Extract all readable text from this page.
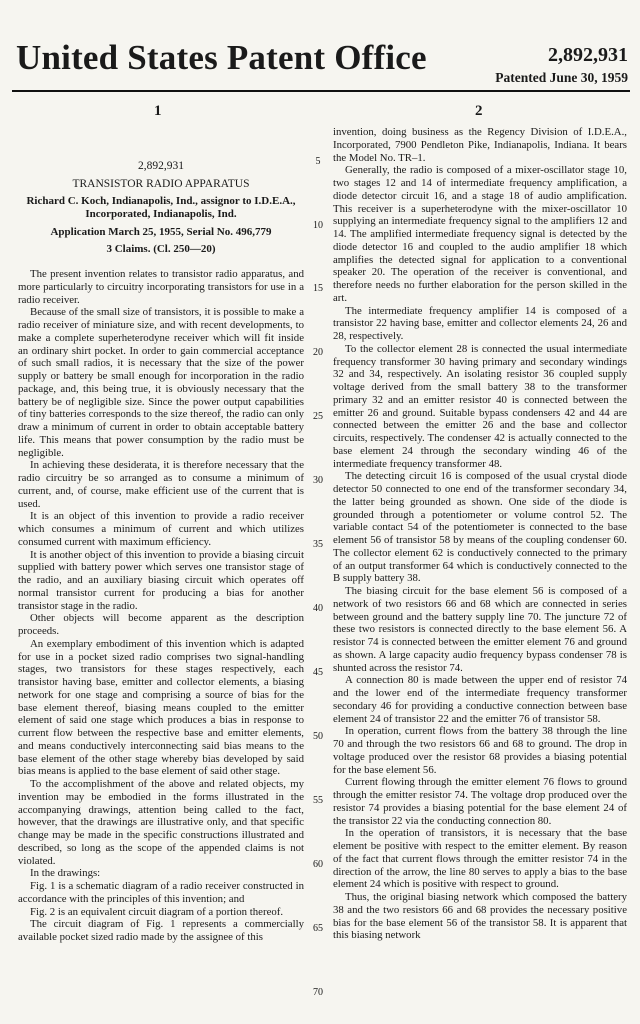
United States Patent Office	2,892,931
Patented June 30, 1959
1	2
2,892,931
TRANSISTOR RADIO APPARATUS
Richard C. Koch, Indianapolis, Ind., assignor to I.D.E.A., Incorporated, Indianapolis, Ind.
Application March 25, 1955, Serial No. 496,779
3 Claims. (Cl. 250—20)

The present invention relates to transistor radio apparatus, and more particularly to circuitry incorporating transistors for use in a radio receiver.

Because of the small size of transistors, it is possible to make a radio receiver of miniature size, and with recent developments, to make a complete superheterodyne receiver which will fit inside an ordinary shirt pocket. In order to gain commercial acceptance of such small radios, it is necessary that the size of the power supply or battery be small enough for incorporation in the radio package, and, this being true, it is obviously necessary that the battery be of negligible size. Since the power output capabilities of tiny batteries corresponds to the size thereof, the radio can only draw a minimum of current in order to obtain acceptable battery life. This means that power consumption by the radio must be negligible.

In achieving these desiderata, it is therefore necessary that the radio circuitry be so arranged as to consume a minimum of current, and, of course, make efficient use of the current that is used.

It is an object of this invention to provide a radio receiver which consumes a minimum of current and which utilizes consumed current with maximum efficiency.

It is another object of this invention to provide a biasing circuit supplied with battery power which serves one transistor stage of the radio, and an auxiliary biasing circuit which operates off normal transistor current for producing a bias for another transistor stage in the radio.

Other objects will become apparent as the description proceeds.

An exemplary embodiment of this invention which is adapted for use in a pocket sized radio comprises two signal-handling stages, two transistors for these stages respectively, each transistor having base, emitter and collector elements, a biasing network for one stage and comprising a source of bias for the base element thereof, biasing means coupled to the emitter element of said one stage which produces a bias in response to current flow between the respective base and emitter elements, and means conductively interconnecting said bias means to the base element of the other stage whereby bias developed by said bias means is applied to the base element of said other stage.

To the accomplishment of the above and related objects, my invention may be embodied in the forms illustrated in the accompanying drawings, attention being called to the fact, however, that the drawings are illustrative only, and that specific change may be made in the specific constructions illustrated and described, so long as the scope of the appended claims is not violated.

In the drawings:

Fig. 1 is a schematic diagram of a radio receiver constructed in accordance with the principles of this invention; and

Fig. 2 is an equivalent circuit diagram of a portion thereof.

The circuit diagram of Fig. 1 represents a commercially available pocket sized radio made by the assignee of this

invention, doing business as the Regency Division of I.D.E.A., Incorporated, 7900 Pendleton Pike, Indianapolis, Indiana. It bears the Model No. TR–1.

Generally, the radio is composed of a mixer-oscillator stage 10, two stages 12 and 14 of intermediate frequency amplification, a diode detector circuit 16, and a stage 18 of audio amplification. This receiver is a superheterodyne with the mixer-oscillator 10 supplying an intermediate frequency signal to the amplifiers 12 and 14. The amplified intermediate frequency signal is detected by the diode detector 16 and coupled to the audio amplifier 18 which amplifies the detected signal for application to a conventional speaker 20. The operation of the receiver is conventional, and therefore needs no further elaboration for the person skilled in the art.

The intermediate frequency amplifier 14 is composed of a transistor 22 having base, emitter and collector elements 24, 26 and 28, respectively.

To the collector element 28 is connected the usual intermediate frequency transformer 30 having primary and secondary windings 32 and 34, respectively. An isolating resistor 36 coupled supply voltage derived from the small battery 38 to the transformer primary 32 and an emitter resistor 40 is connected between the emitter 26 and ground. Suitable bypass condensers 42 and 44 are connected between the emitter 26 and the base and collector circuits, respectively. The condenser 42 is actually connected to the base element 24 through the secondary winding 46 of the intermediate frequency transformer 48.

The detecting circuit 16 is composed of the usual crystal diode detector 50 connected to one end of the transformer secondary 34, the latter being grounded as shown. One side of the diode is grounded through a potentiometer or volume control 52. The variable contact 54 of the potentiometer is connected to the base element 56 of transistor 58 by means of the coupling condenser 60. The collector element 62 is conductively connected to the primary of an output transformer 64 which is conductively connected to the B supply battery 38.

The biasing circuit for the base element 56 is composed of a network of two resistors 66 and 68 which are connected in series between ground and the battery supply line 70. The juncture 72 of these two resistors is connected directly to the base element 56. A resistor 74 is connected between the emitter element 76 and ground as shown. A large capacity audio frequency bypass condenser 78 is shunted across the resistor 74.

A connection 80 is made between the upper end of resistor 74 and the lower end of the intermediate frequency transformer secondary 46 for providing a conductive connection between base element 24 of transistor 22 and the emitter 76 of transistor 58.

In operation, current flows from the battery 38 through the line 70 and through the two resistors 66 and 68 to ground. The drop in voltage produced over the resistor 68 provides a biasing potential for the base element 56.

Current flowing through the emitter element 76 flows to ground through the emitter resistor 74. The voltage drop produced over the resistor 74 provides a biasing potential for the base element 24 of the transistor 22 via the conducting connection 80.

In the operation of transistors, it is necessary that the base element be positive with respect to the emitter element. By reason of the fact that current flows through the emitter resistor 74 in the direction of the arrow, the line 80 serves to apply a bias to the base element 24 which is positive with respect to ground.

Thus, the original biasing network which composed the battery 38 and the two resistors 66 and 68 provides the necessary positive bias for the base element 56 of the transistor 58. It is apparent that this biasing network

5
10
15
20
25
30
35
40
45
50
55
60
65
70
